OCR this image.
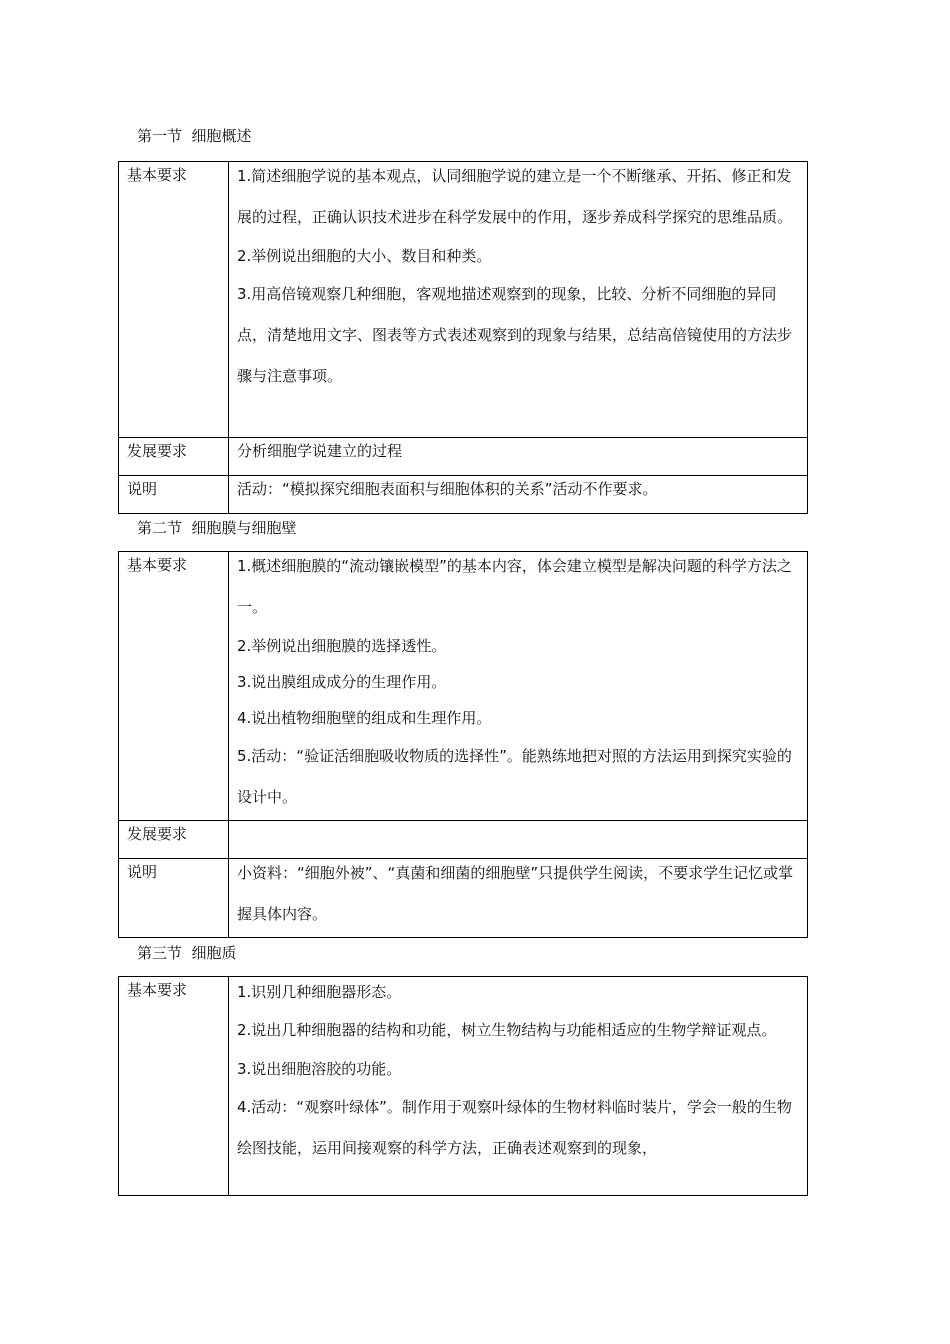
第一节  细胞概述
基本要求	1.简述细胞学说的基本观点，认同细胞学说的建立是一个不断继承、开拓、修正和发展的过程，正确认识技术进步在科学发展中的作用，逐步养成科学探究的思维品质。
2.举例说出细胞的大小、数目和种类。
3.用高倍镜观察几种细胞，客观地描述观察到的现象，比较、分析不同细胞的异同点，清楚地用文字、图表等方式表述观察到的现象与结果，总结高倍镜使用的方法步骤与注意事项。

发展要求	分析细胞学说建立的过程

说明	活动：“模拟探究细胞表面积与细胞体积的关系”活动不作要求。
第二节  细胞膜与细胞壁
基本要求	1.概述细胞膜的“流动镶嵌模型”的基本内容，体会建立模型是解决问题的科学方法之一。
2.举例说出细胞膜的选择透性。
3.说出膜组成成分的生理作用。
4.说出植物细胞壁的组成和生理作用。
5.活动：“验证活细胞吸收物质的选择性”。能熟练地把对照的方法运用到探究实验的设计中。

发展要求	

说明	小资料：“细胞外被”、“真菌和细菌的细胞壁”只提供学生阅读，不要求学生记忆或掌握具体内容。
第三节  细胞质
基本要求	1.识别几种细胞器形态。
2.说出几种细胞器的结构和功能，树立生物结构与功能相适应的生物学辩证观点。
3.说出细胞溶胶的功能。
4.活动：“观察叶绿体”。制作用于观察叶绿体的生物材料临时装片，学会一般的生物绘图技能，运用间接观察的科学方法，正确表述观察到的现象，
